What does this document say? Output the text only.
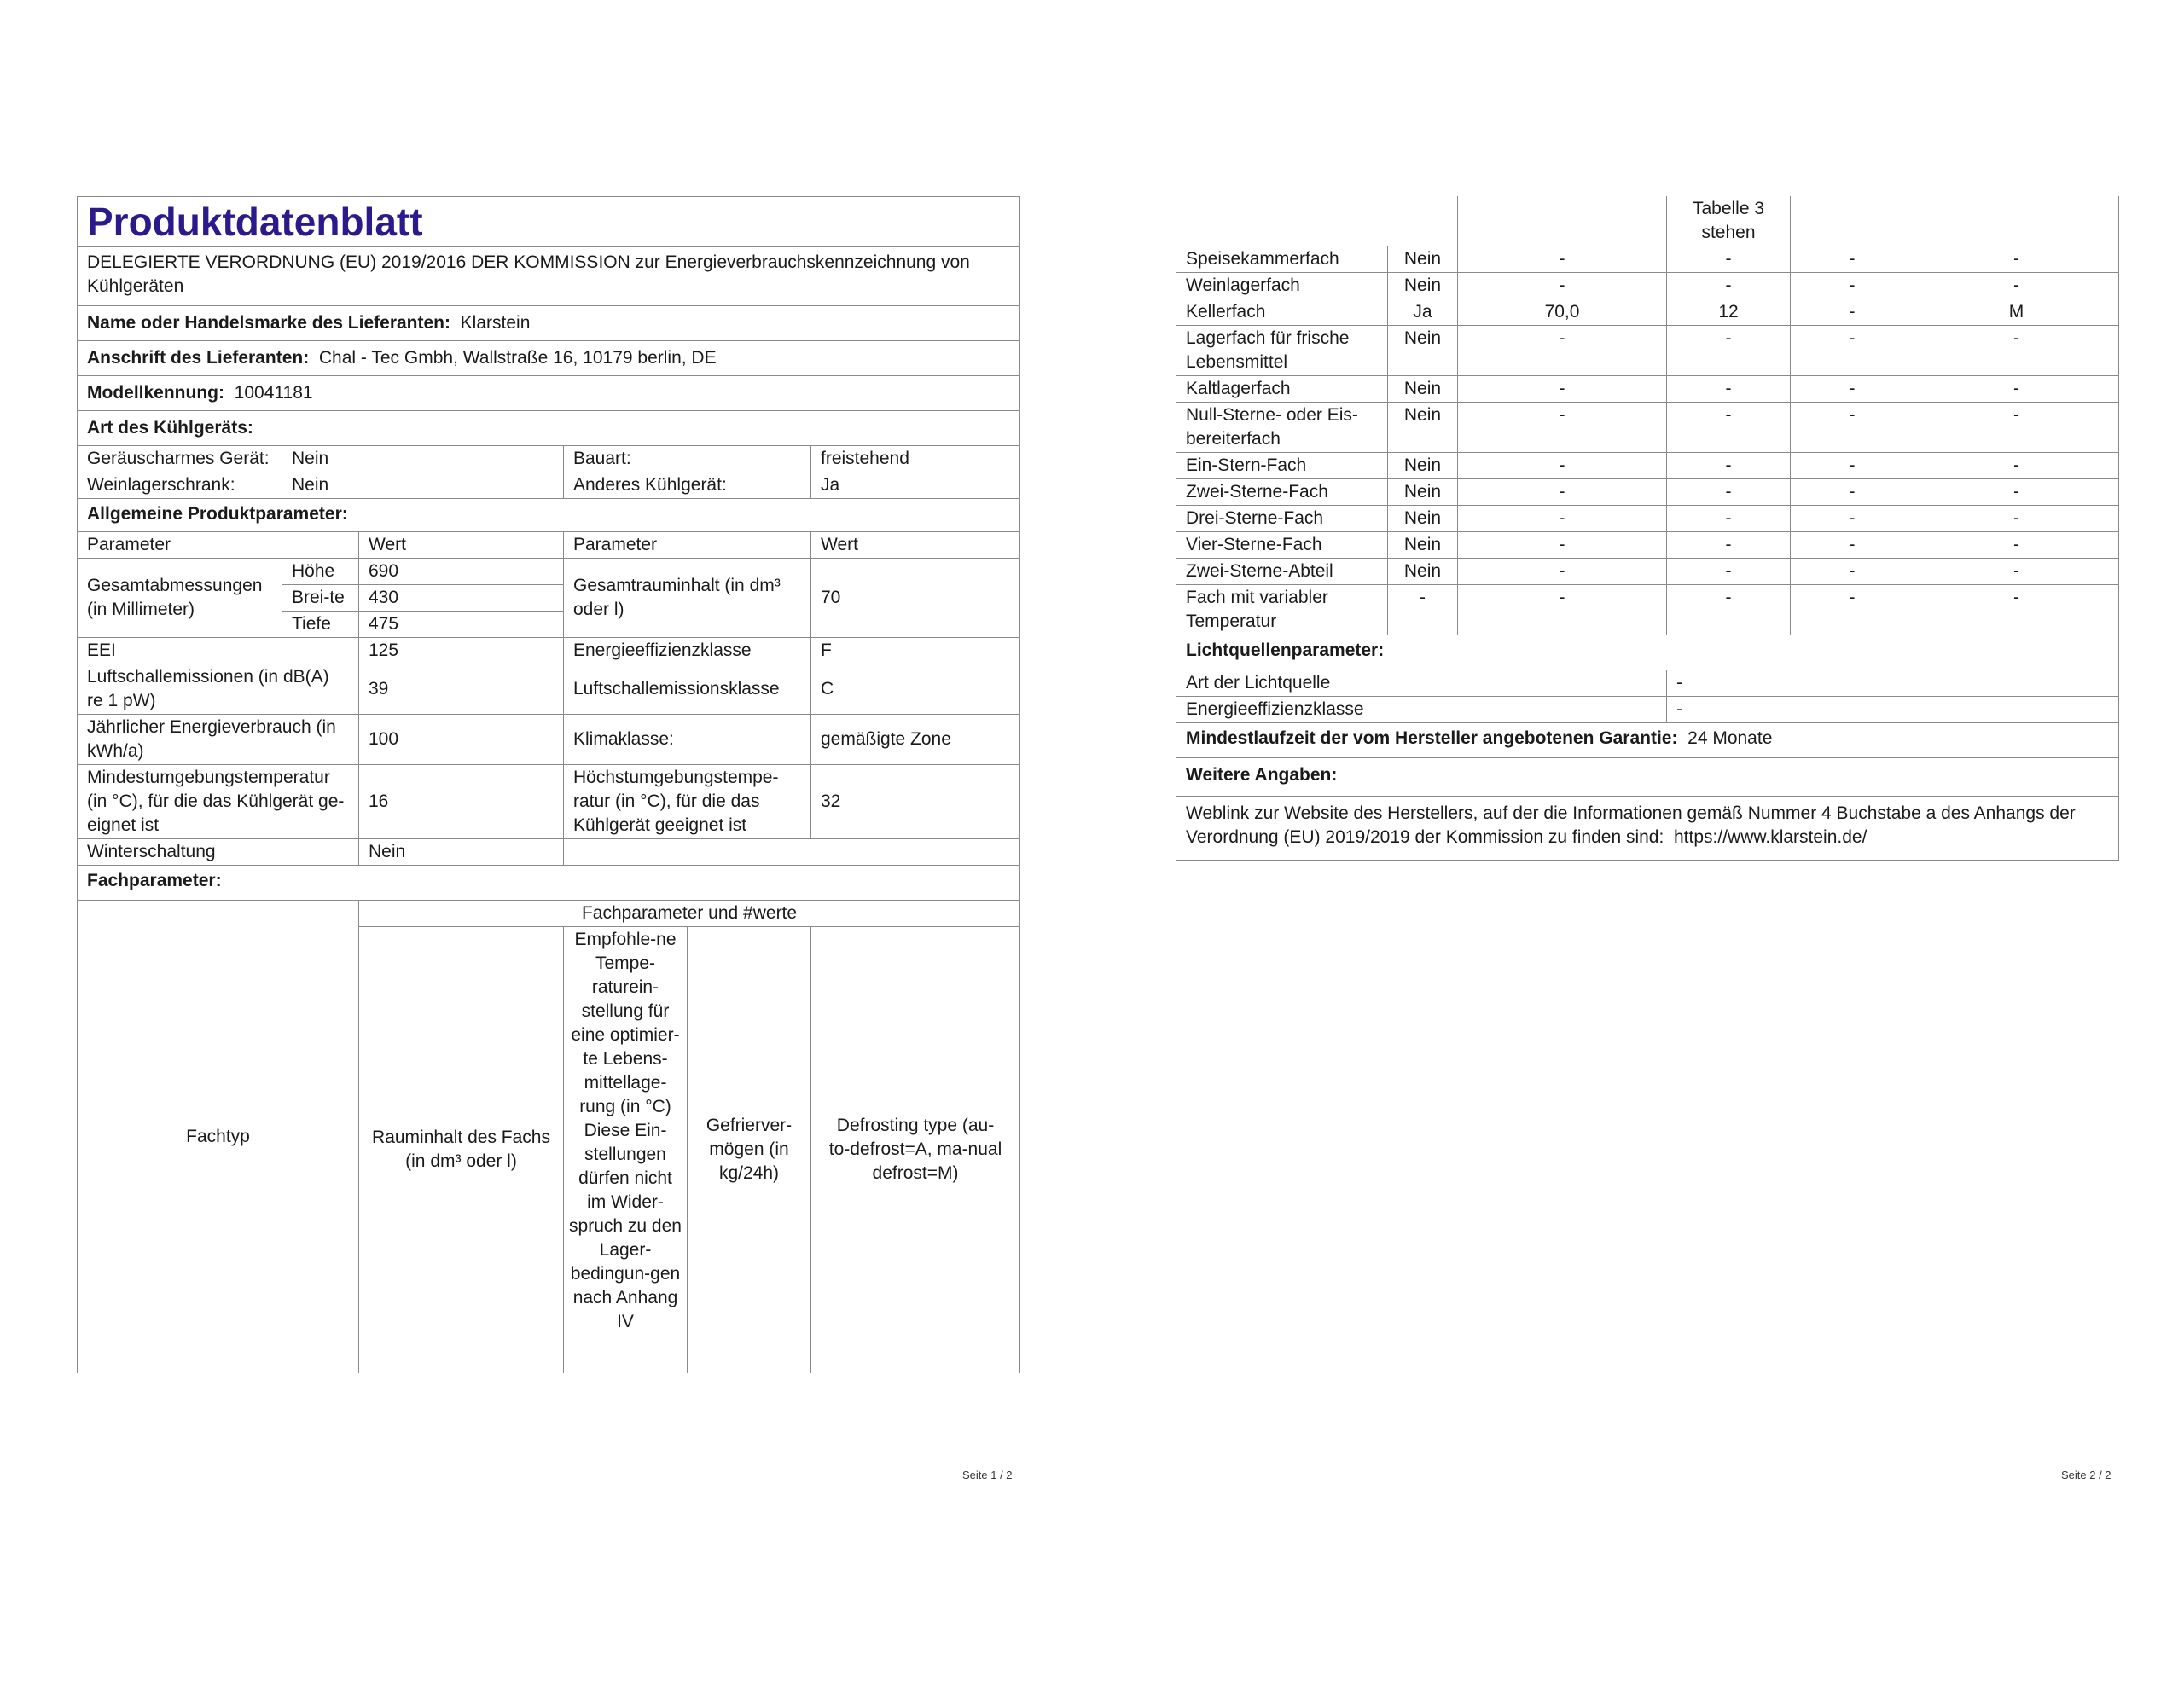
Produktdatenblatt					
DELEGIERTE VERORDNUNG (EU) 2019/2016 DER KOMMISSION zur Energieverbrauchskennzeichnung von Kühlgeräten					
Name oder Handelsmarke des Lieferanten: Klarstein					
Anschrift des Lieferanten: Chal - Tec Gmbh, Wallstraße 16, 10179 berlin, DE					
Modellkennung: 10041181					
Art des Kühlgeräts:					
Geräuscharmes Gerät:	Nein		Bauart:		freistehend
Weinlagerschrank:	Nein		Anderes Kühlgerät:		Ja
Allgemeine Produktparameter:					
Parameter		Wert	Parameter		Wert
Gesamtabmessungen (in Millimeter)	Höhe	690	Gesamtrauminhalt (in dm³ oder l)		70
	Brei-te	430			
	Tiefe	475			
EEI		125	Energieeffizienzklasse		F
Luftschallemissionen (in dB(A) re 1 pW)		39	Luftschallemissionsklasse		C
Jährlicher Energieverbrauch (in kWh/a)		100	Klimaklasse:		gemäßigte Zone
Mindestumgebungstemperatur (in °C), für die das Kühlgerät ge-eignet ist		16	Höchstumgebungstempe-ratur (in °C), für die das Kühlgerät geeignet ist		32
Winterschaltung		Nein			
Fachparameter:					
Fachtyp		Fachparameter und #werte			
		Rauminhalt des Fachs (in dm³ oder l)	Empfohle-ne Tempe-raturein-stellung für eine optimier-te Lebens-mittellage-rung (in °C) Diese Ein-stellungen dürfen nicht im Wider-spruch zu den Lager-bedingun-gen nach Anhang IV	Gefrierver-mögen (in kg/24h)	Defrosting type (au-to-defrost=A, ma-nual defrost=M)
Seite 1 / 2
			Tabelle 3 stehen		
Speisekammerfach	Nein	-	-	-	-
Weinlagerfach	Nein	-	-	-	-
Kellerfach	Ja	70,0	12	-	M
Lagerfach für frische Lebensmittel	Nein	-	-	-	-
Kaltlagerfach	Nein	-	-	-	-
Null-Sterne- oder Eis-bereiterfach	Nein	-	-	-	-
Ein-Stern-Fach	Nein	-	-	-	-
Zwei-Sterne-Fach	Nein	-	-	-	-
Drei-Sterne-Fach	Nein	-	-	-	-
Vier-Sterne-Fach	Nein	-	-	-	-
Zwei-Sterne-Abteil	Nein	-	-	-	-
Fach mit variabler Temperatur	-	-	-	-	-
Lichtquellenparameter:					
Art der Lichtquelle			-		
Energieeffizienzklasse			-		
Mindestlaufzeit der vom Hersteller angebotenen Garantie: 24 Monate					
Weitere Angaben:					
Weblink zur Website des Herstellers, auf der die Informationen gemäß Nummer 4 Buchstabe a des Anhangs der Verordnung (EU) 2019/2019 der Kommission zu finden sind: https://www.klarstein.de/					
Seite 2 / 2
